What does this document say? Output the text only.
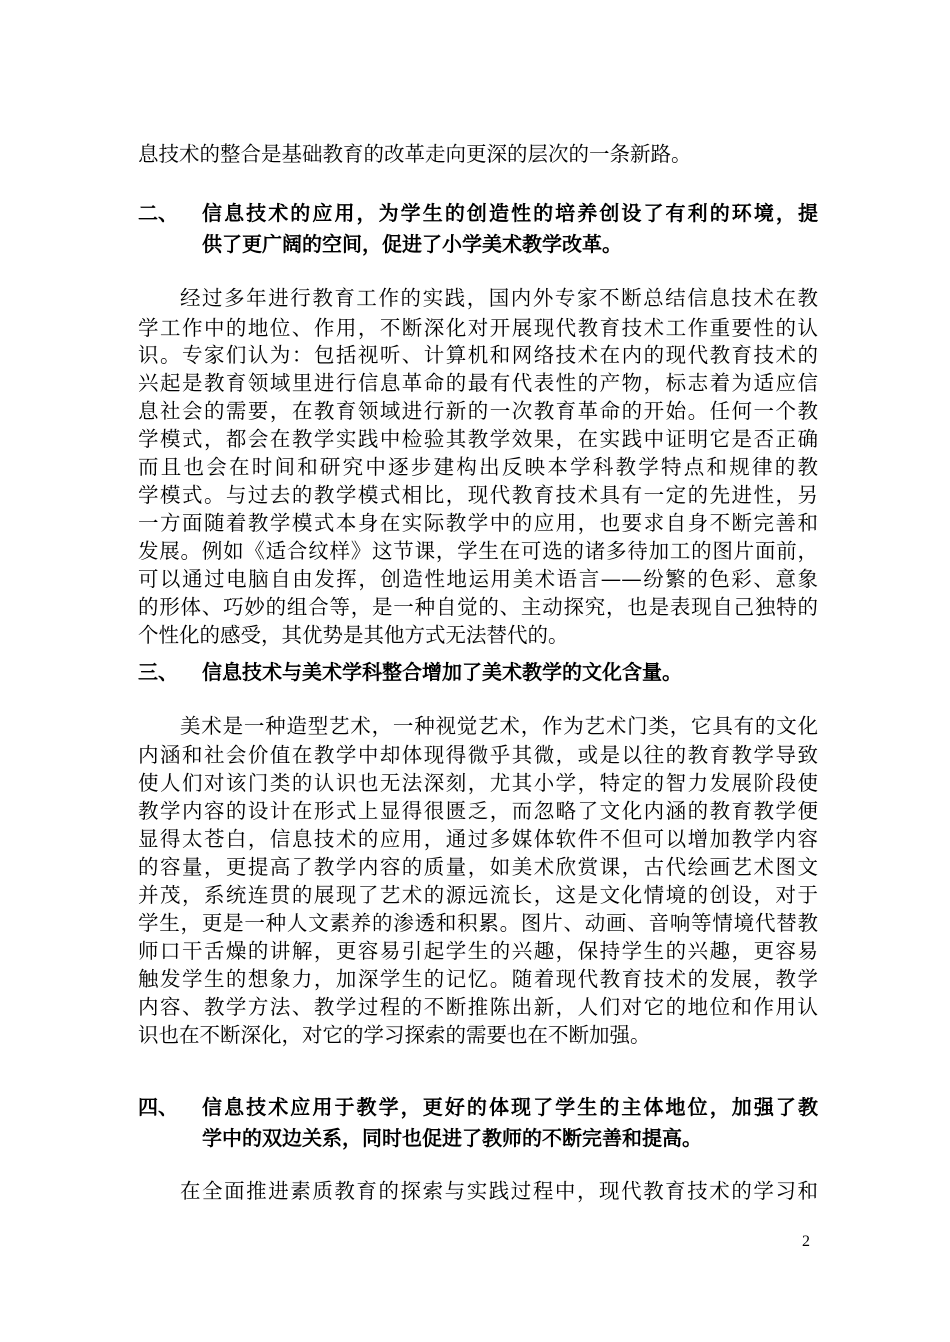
息技术的整合是基础教育的改革走向更深的层次的一条新路。
二、 信息技术的应用，为学生的创造性的培养创设了有利的环境，提
供了更广阔的空间，促进了小学美术教学改革。
经过多年进行教育工作的实践，国内外专家不断总结信息技术在教
学工作中的地位、作用，不断深化对开展现代教育技术工作重要性的认
识。专家们认为：包括视听、计算机和网络技术在内的现代教育技术的
兴起是教育领域里进行信息革命的最有代表性的产物，标志着为适应信
息社会的需要，在教育领域进行新的一次教育革命的开始。任何一个教
学模式，都会在教学实践中检验其教学效果，在实践中证明它是否正确
而且也会在时间和研究中逐步建构出反映本学科教学特点和规律的教
学模式。与过去的教学模式相比，现代教育技术具有一定的先进性，另
一方面随着教学模式本身在实际教学中的应用，也要求自身不断完善和
发展。例如《适合纹样》这节课，学生在可选的诸多待加工的图片面前，
可以通过电脑自由发挥，创造性地运用美术语言——纷繁的色彩、意象
的形体、巧妙的组合等，是一种自觉的、主动探究，也是表现自己独特的
个性化的感受，其优势是其他方式无法替代的。
三、 信息技术与美术学科整合增加了美术教学的文化含量。
美术是一种造型艺术，一种视觉艺术，作为艺术门类，它具有的文化
内涵和社会价值在教学中却体现得微乎其微，或是以往的教育教学导致
使人们对该门类的认识也无法深刻，尤其小学，特定的智力发展阶段使
教学内容的设计在形式上显得很匮乏，而忽略了文化内涵的教育教学便
显得太苍白，信息技术的应用，通过多媒体软件不但可以增加教学内容
的容量，更提高了教学内容的质量，如美术欣赏课，古代绘画艺术图文
并茂，系统连贯的展现了艺术的源远流长，这是文化情境的创设，对于
学生，更是一种人文素养的渗透和积累。图片、动画、音响等情境代替教
师口干舌燥的讲解，更容易引起学生的兴趣，保持学生的兴趣，更容易
触发学生的想象力，加深学生的记忆。随着现代教育技术的发展，教学
内容、教学方法、教学过程的不断推陈出新，人们对它的地位和作用认
识也在不断深化，对它的学习探索的需要也在不断加强。
四、 信息技术应用于教学，更好的体现了学生的主体地位，加强了教
学中的双边关系，同时也促进了教师的不断完善和提高。
在全面推进素质教育的探索与实践过程中，现代教育技术的学习和
2
